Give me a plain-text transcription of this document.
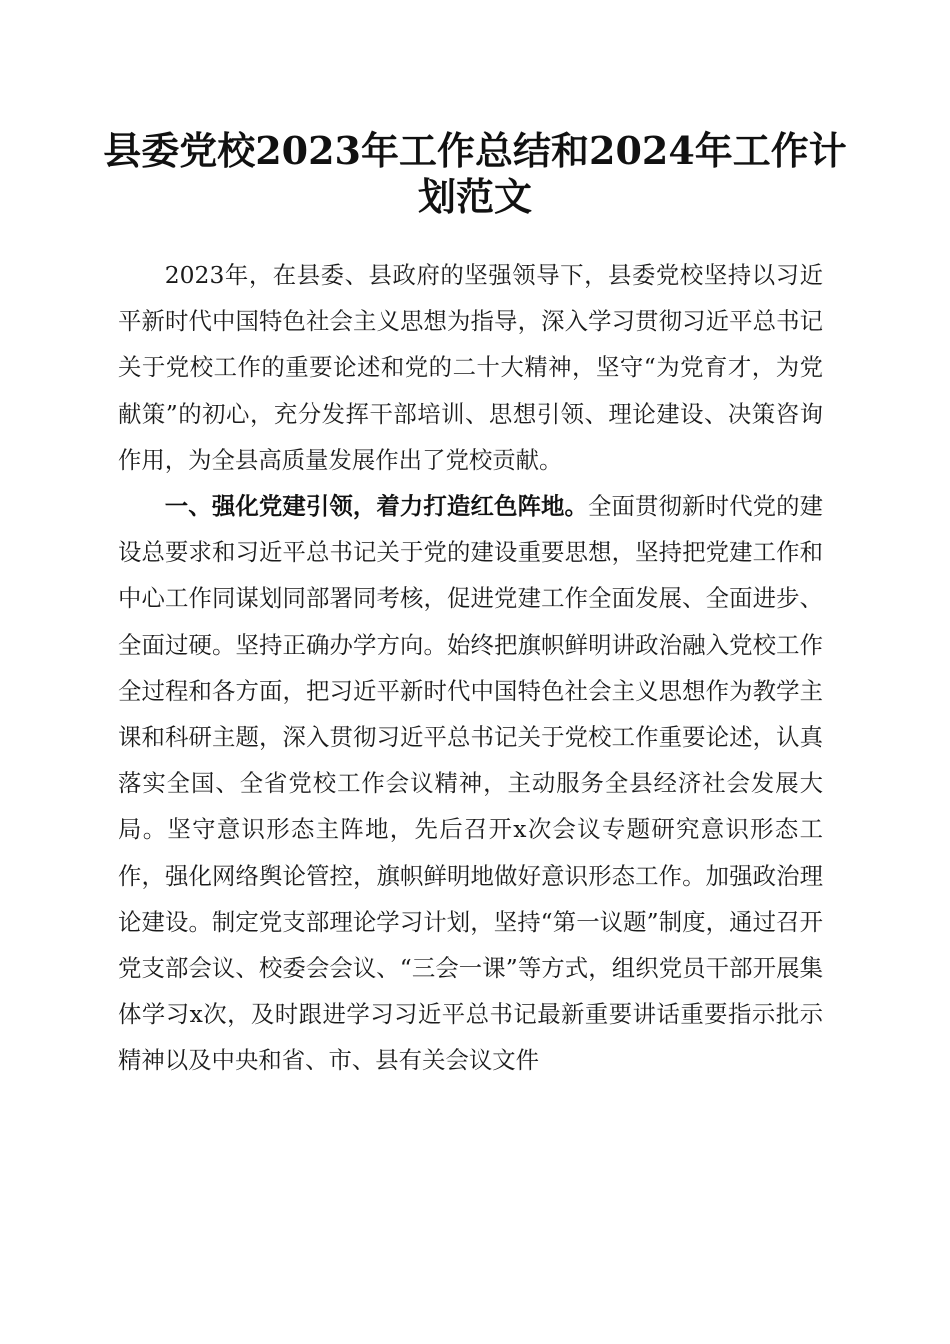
县委党校2023年工作总结和2024年工作计划范文

2023年，在县委、县政府的坚强领导下，县委党校坚持以习近平新时代中国特色社会主义思想为指导，深入学习贯彻习近平总书记关于党校工作的重要论述和党的二十大精神，坚守“为党育才，为党献策”的初心，充分发挥干部培训、思想引领、理论建设、决策咨询作用，为全县高质量发展作出了党校贡献。

一、强化党建引领，着力打造红色阵地。全面贯彻新时代党的建设总要求和习近平总书记关于党的建设重要思想，坚持把党建工作和中心工作同谋划同部署同考核，促进党建工作全面发展、全面进步、全面过硬。坚持正确办学方向。始终把旗帜鲜明讲政治融入党校工作全过程和各方面，把习近平新时代中国特色社会主义思想作为教学主课和科研主题，深入贯彻习近平总书记关于党校工作重要论述，认真落实全国、全省党校工作会议精神，主动服务全县经济社会发展大局。坚守意识形态主阵地，先后召开x次会议专题研究意识形态工作，强化网络舆论管控，旗帜鲜明地做好意识形态工作。加强政治理论建设。制定党支部理论学习计划，坚持“第一议题”制度，通过召开党支部会议、校委会会议、“三会一课”等方式，组织党员干部开展集体学习x次，及时跟进学习习近平总书记最新重要讲话重要指示批示精神以及中央和省、市、县有关会议文件
